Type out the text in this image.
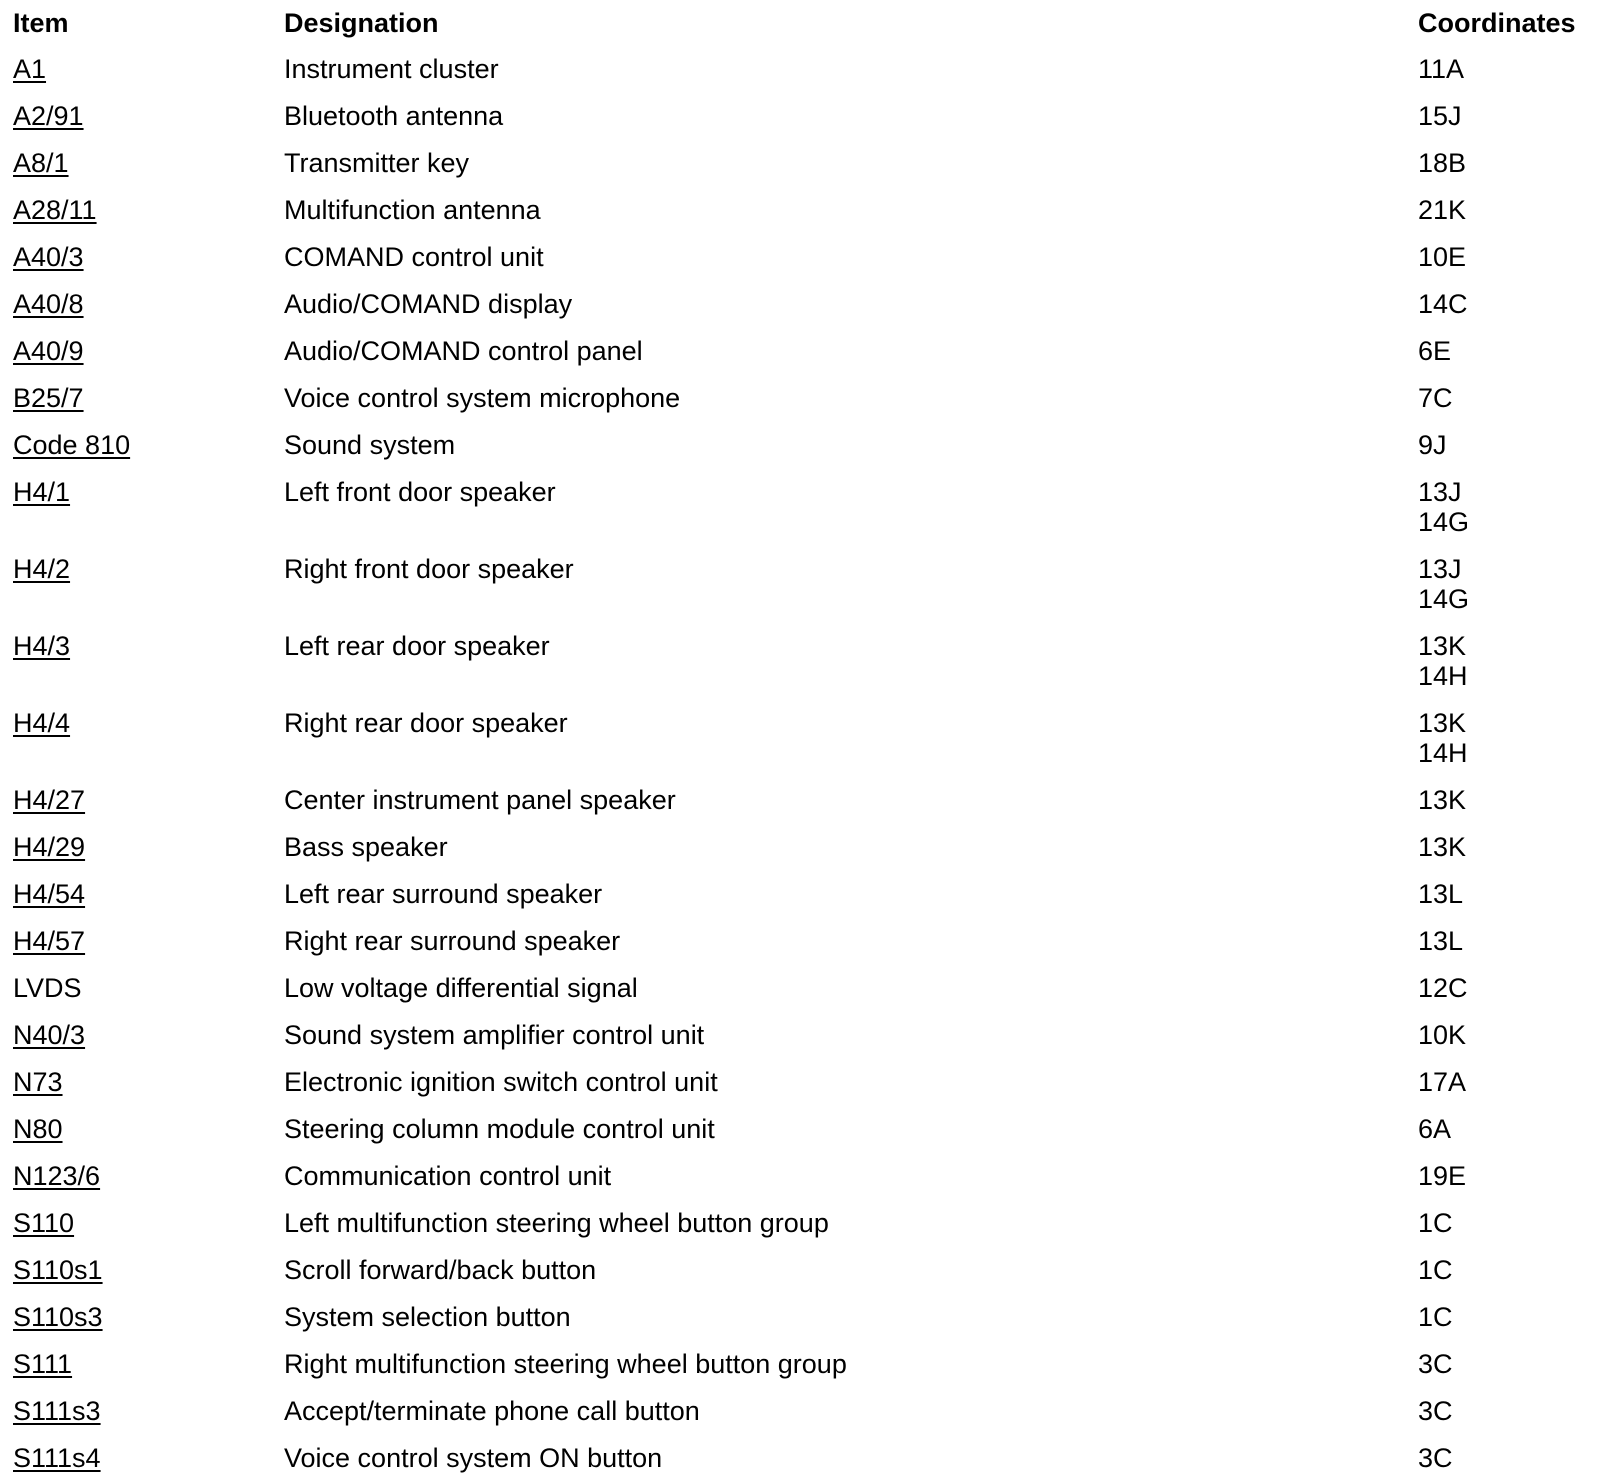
Item	Designation	Coordinates
A1	Instrument cluster	11A

A2/91	Bluetooth antenna	15J

A8/1	Transmitter key	18B

A28/11	Multifunction antenna	21K

A40/3	COMAND control unit	10E

A40/8	Audio/COMAND display	14C

A40/9	Audio/COMAND control panel	6E

B25/7	Voice control system microphone	7C

Code 810	Sound system	9J

H4/1	Left front door speaker	13J
14G

H4/2	Right front door speaker	13J
14G

H4/3	Left rear door speaker	13K
14H

H4/4	Right rear door speaker	13K
14H

H4/27	Center instrument panel speaker	13K

H4/29	Bass speaker	13K

H4/54	Left rear surround speaker	13L

H4/57	Right rear surround speaker	13L

LVDS	Low voltage differential signal	12C

N40/3	Sound system amplifier control unit	10K

N73	Electronic ignition switch control unit	17A

N80	Steering column module control unit	6A

N123/6	Communication control unit	19E

S110	Left multifunction steering wheel button group	1C

S110s1	Scroll forward/back button	1C

S110s3	System selection button	1C

S111	Right multifunction steering wheel button group	3C

S111s3	Accept/terminate phone call button	3C

S111s4	Voice control system ON button	3C
